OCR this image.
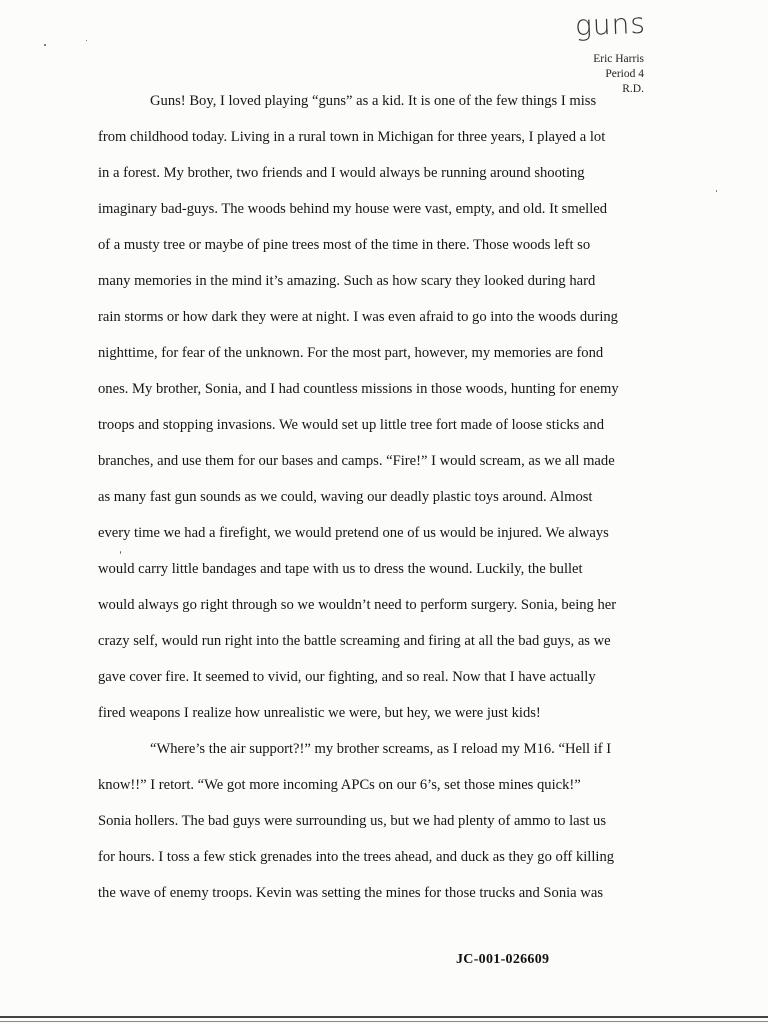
guns
Eric Harris
Period 4
R.D.
Guns! Boy, I loved playing “guns” as a kid. It is one of the few things I miss
from childhood today. Living in a rural town in Michigan for three years, I played a lot
in a forest. My brother, two friends and I would always be running around shooting
imaginary bad-guys. The woods behind my house were vast, empty, and old. It smelled
of a musty tree or maybe of pine trees most of the time in there. Those woods left so
many memories in the mind it’s amazing. Such as how scary they looked during hard
rain storms or how dark they were at night. I was even afraid to go into the woods during
nighttime, for fear of the unknown. For the most part, however, my memories are fond
ones. My brother, Sonia, and I had countless missions in those woods, hunting for enemy
troops and stopping invasions. We would set up little tree fort made of loose sticks and
branches, and use them for our bases and camps. “Fire!” I would scream, as we all made
as many fast gun sounds as we could, waving our deadly plastic toys around. Almost
every time we had a firefight, we would pretend one of us would be injured. We always
would carry little bandages and tape with us to dress the wound. Luckily, the bullet
would always go right through so we wouldn’t need to perform surgery. Sonia, being her
crazy self, would run right into the battle screaming and firing at all the bad guys, as we
gave cover fire. It seemed to vivid, our fighting, and so real. Now that I have actually
fired weapons I realize how unrealistic we were, but hey, we were just kids!
“Where’s the air support?!” my brother screams, as I reload my M16. “Hell if I
know!!” I retort. “We got more incoming APCs on our 6’s, set those mines quick!”
Sonia hollers. The bad guys were surrounding us, but we had plenty of ammo to last us
for hours. I toss a few stick grenades into the trees ahead, and duck as they go off killing
the wave of enemy troops. Kevin was setting the mines for those trucks and Sonia was
JC-001-026609
